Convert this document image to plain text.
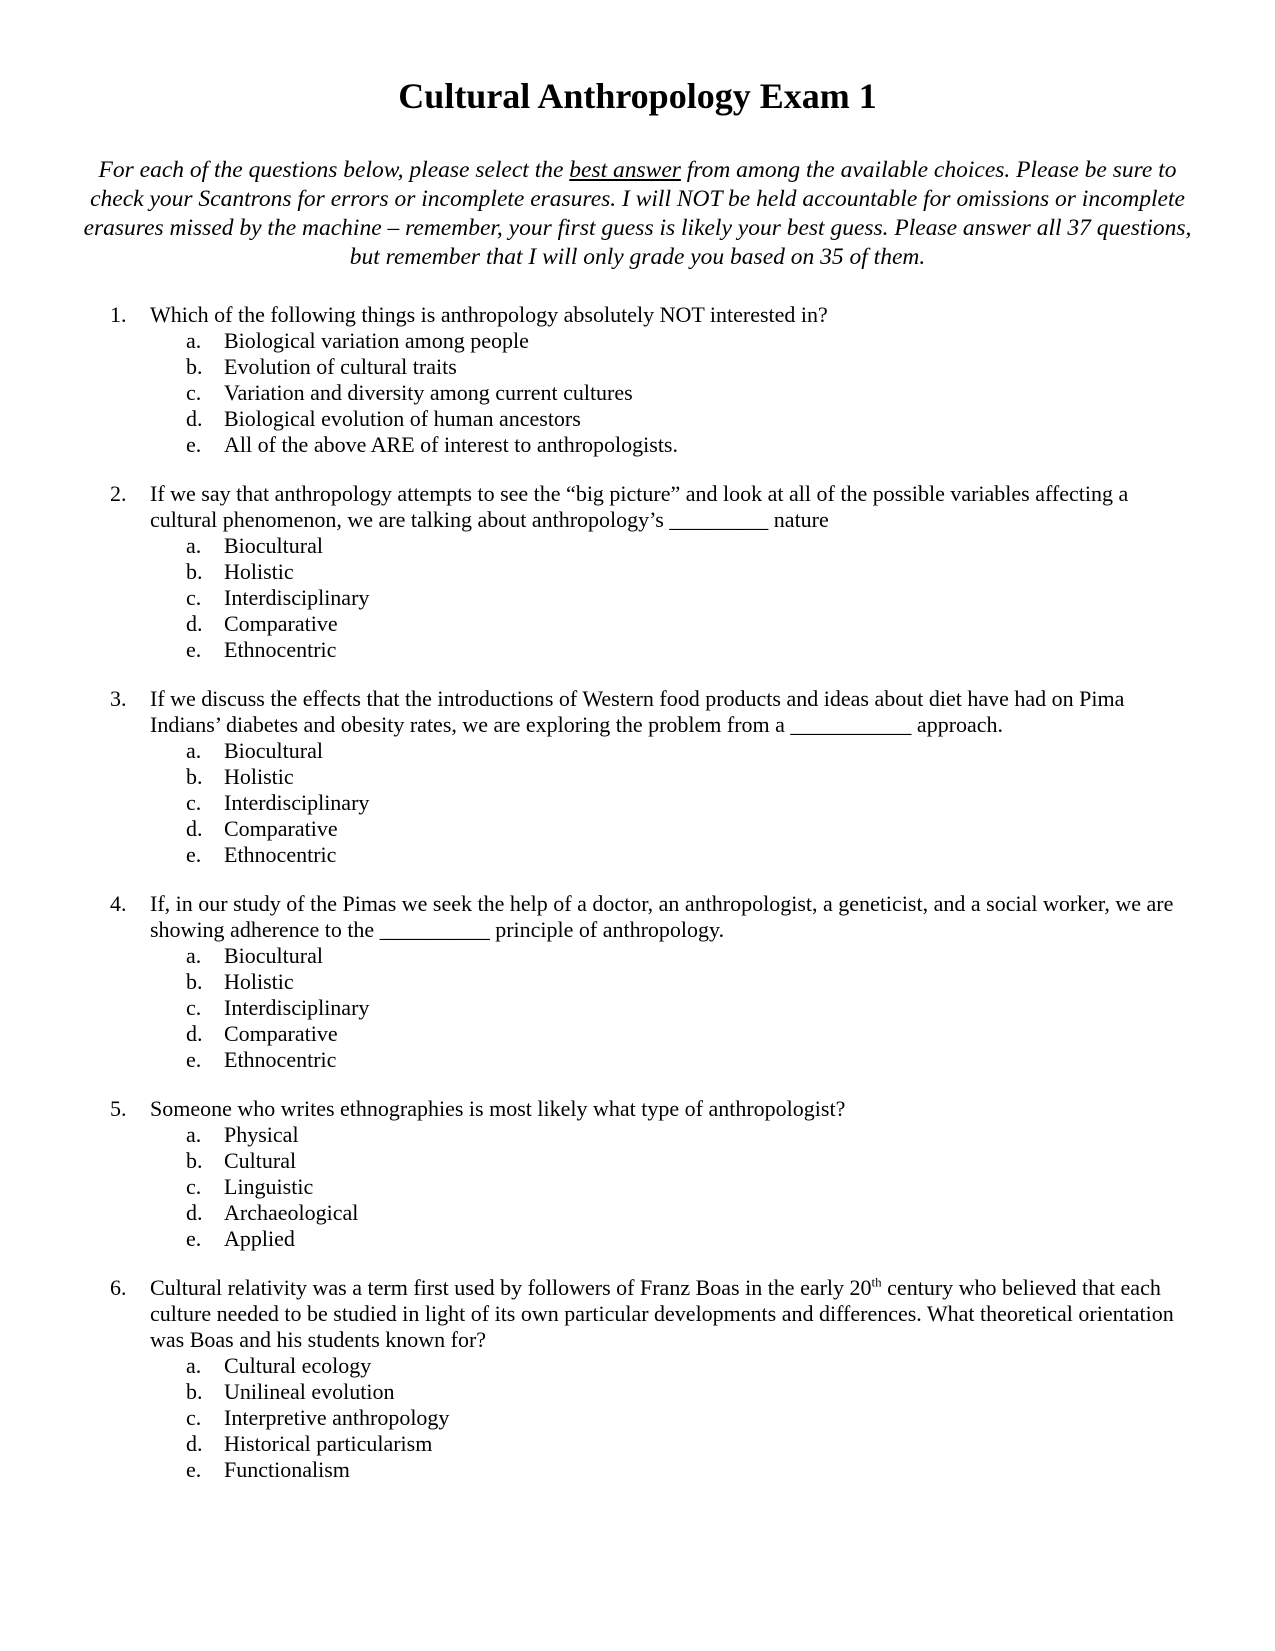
Cultural Anthropology Exam 1

For each of the questions below, please select the best answer from among the available choices. Please be sure to check your Scantrons for errors or incomplete erasures. I will NOT be held accountable for omissions or incomplete erasures missed by the machine – remember, your first guess is likely your best guess. Please answer all 37 questions, but remember that I will only grade you based on 35 of them.

1. Which of the following things is anthropology absolutely NOT interested in?
a. Biological variation among people
b. Evolution of cultural traits
c. Variation and diversity among current cultures
d. Biological evolution of human ancestors
e. All of the above ARE of interest to anthropologists.
2. If we say that anthropology attempts to see the “big picture” and look at all of the possible variables affecting a cultural phenomenon, we are talking about anthropology’s _________ nature
a. Biocultural
b. Holistic
c. Interdisciplinary
d. Comparative
e. Ethnocentric
3. If we discuss the effects that the introductions of Western food products and ideas about diet have had on Pima Indians’ diabetes and obesity rates, we are exploring the problem from a ___________ approach.
a. Biocultural
b. Holistic
c. Interdisciplinary
d. Comparative
e. Ethnocentric
4. If, in our study of the Pimas we seek the help of a doctor, an anthropologist, a geneticist, and a social worker, we are showing adherence to the __________ principle of anthropology.
a. Biocultural
b. Holistic
c. Interdisciplinary
d. Comparative
e. Ethnocentric
5. Someone who writes ethnographies is most likely what type of anthropologist?
a. Physical
b. Cultural
c. Linguistic
d. Archaeological
e. Applied
6. Cultural relativity was a term first used by followers of Franz Boas in the early 20th century who believed that each culture needed to be studied in light of its own particular developments and differences. What theoretical orientation was Boas and his students known for?
a. Cultural ecology
b. Unilineal evolution
c. Interpretive anthropology
d. Historical particularism
e. Functionalism
